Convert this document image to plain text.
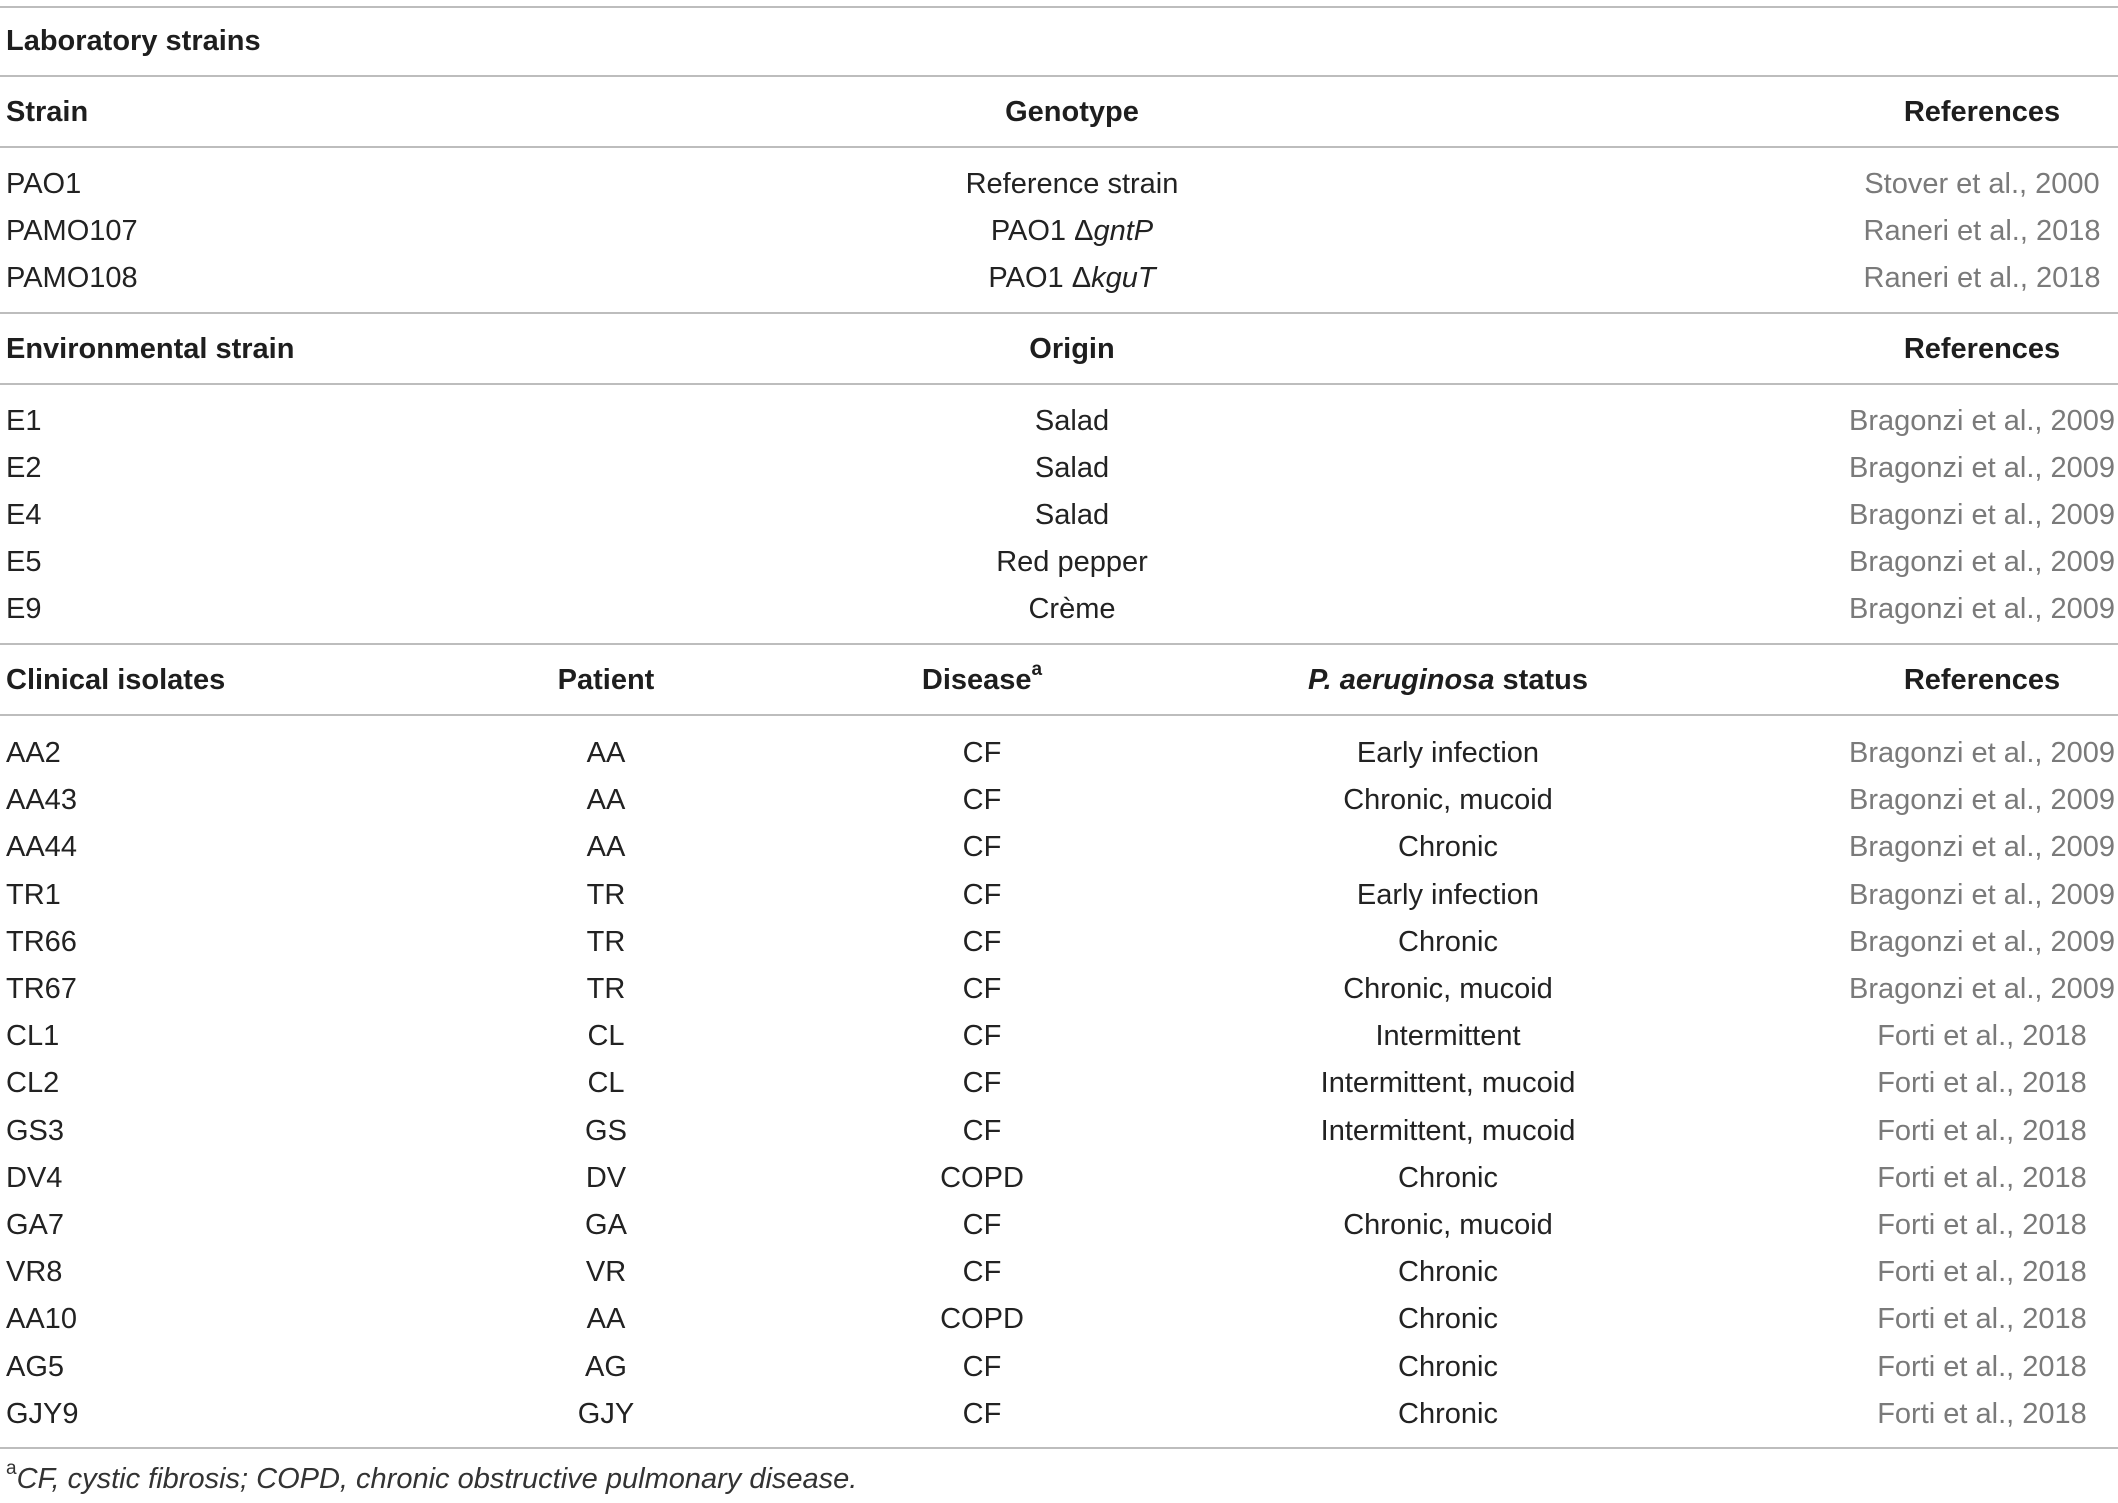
Laboratory strains
Strain	Genotype	References
PAO1	Reference strain	Stover et al., 2000
PAMO107	PAO1 ΔgntP	Raneri et al., 2018
PAMO108	PAO1 ΔkguT	Raneri et al., 2018
Environmental strain	Origin	References
E1	Salad	Bragonzi et al., 2009
E2	Salad	Bragonzi et al., 2009
E4	Salad	Bragonzi et al., 2009
E5	Red pepper	Bragonzi et al., 2009
E9	Crème	Bragonzi et al., 2009
Clinical isolates	Patient	Disease$^a$	P. aeruginosa status	References
AA2	AA	CF	Early infection	Bragonzi et al., 2009
AA43	AA	CF	Chronic, mucoid	Bragonzi et al., 2009
AA44	AA	CF	Chronic	Bragonzi et al., 2009
TR1	TR	CF	Early infection	Bragonzi et al., 2009
TR66	TR	CF	Chronic	Bragonzi et al., 2009
TR67	TR	CF	Chronic, mucoid	Bragonzi et al., 2009
CL1	CL	CF	Intermittent	Forti et al., 2018
CL2	CL	CF	Intermittent, mucoid	Forti et al., 2018
GS3	GS	CF	Intermittent, mucoid	Forti et al., 2018
DV4	DV	COPD	Chronic	Forti et al., 2018
GA7	GA	CF	Chronic, mucoid	Forti et al., 2018
VR8	VR	CF	Chronic	Forti et al., 2018
AA10	AA	COPD	Chronic	Forti et al., 2018
AG5	AG	CF	Chronic	Forti et al., 2018
GJY9	GJY	CF	Chronic	Forti et al., 2018
$^a$CF, cystic fibrosis; COPD, chronic obstructive pulmonary disease.
